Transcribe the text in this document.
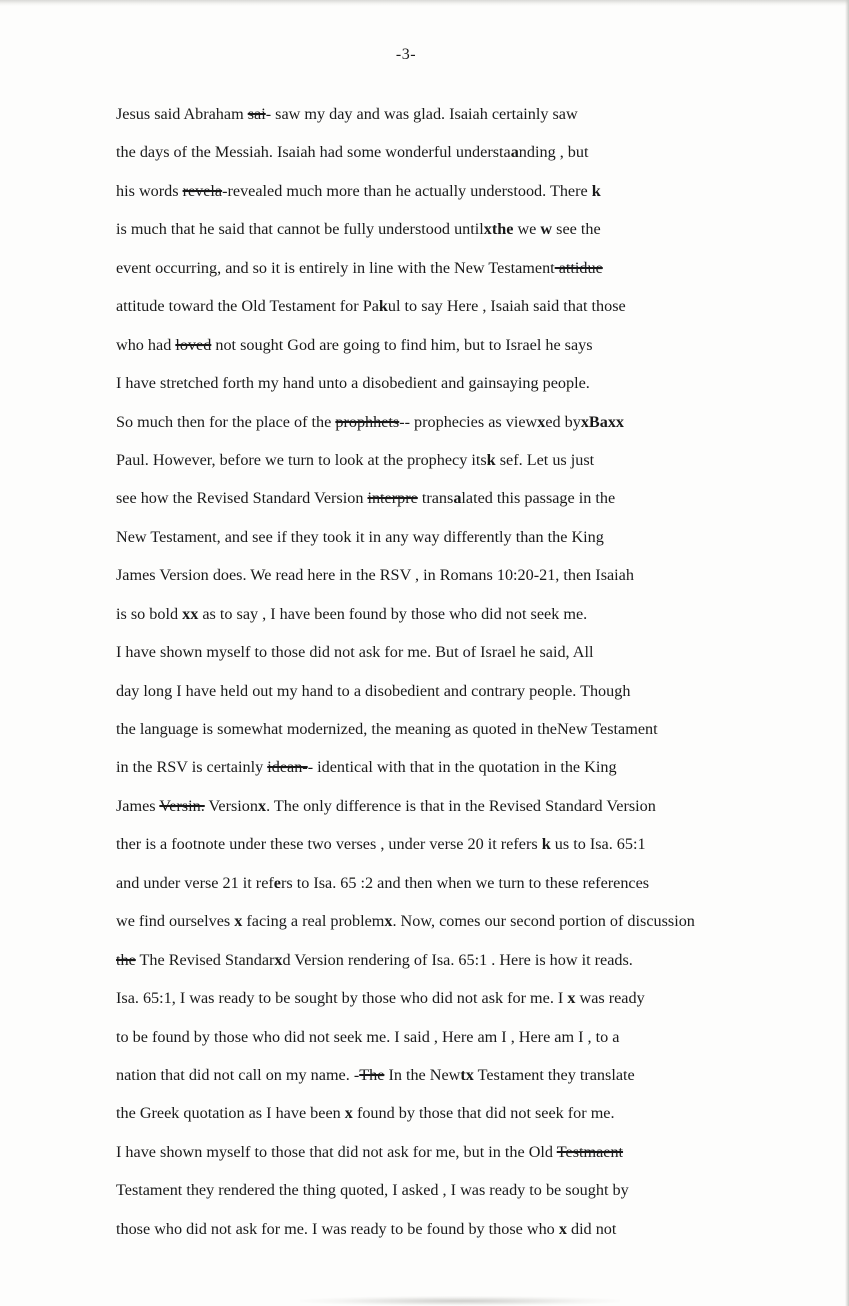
-3-
Jesus said Abraham sai- saw my day and was glad. Isaiah certainly saw
the days of the Messiah. Isaiah had some wonderful understaanding , but
his words revela-revealed much more than he actually understood. There k
is much that he said that cannot be fully understood untilxthe we w see the
event occurring, and so it is entirely in line with the New Testament attidue
attitude toward the Old Testament for Pakul to say Here , Isaiah said that those
who had loved not sought God are going to find him, but to Israel he says
I have stretched forth my hand unto a disobedient and gainsaying people.
So much then for the place of the prophhets-- prophecies as viewxed byxBaxx
Paul. However, before we turn to look at the prophecy itsk sef. Let us just
see how the Revised Standard Version interpre transalated this passage in the
New Testament, and see if they took it in any way differently than the King
James Version does. We read here in the RSV , in Romans 10:20-21, then Isaiah
is so bold xx as to say , I have been found by those who did not seek me.
I have shown myself to those did not ask for me. But of Israel he said, All
day long I have held out my hand to a disobedient and contrary people. Though
the language is somewhat modernized, the meaning as quoted in theNew Testament
in the RSV is certainly idean-- identical with that in the quotation in the King
James Versin. Versionx. The only difference is that in the Revised Standard Version
ther is a footnote under these two verses , under verse 20 it refers k us to Isa. 65:1
and under verse 21 it refers to Isa. 65 :2 and then when we turn to these references
we find ourselves x facing a real problemx. Now, comes our second portion of discussion
the The Revised Standarxd Version rendering of Isa. 65:1 . Here is how it reads.
Isa. 65:1, I was ready to be sought by those who did not ask for me. I x was ready
to be found by those who did not seek me. I said , Here am I , Here am I , to a
nation that did not call on my name. -The In the Newtx Testament they translate
the Greek quotation as I have been x found by those that did not seek for me.
I have shown myself to those that did not ask for me, but in the Old Testmaent
Testament they rendered the thing quoted, I asked , I was ready to be sought by
those who did not ask for me. I was ready to be found by those who x did not
